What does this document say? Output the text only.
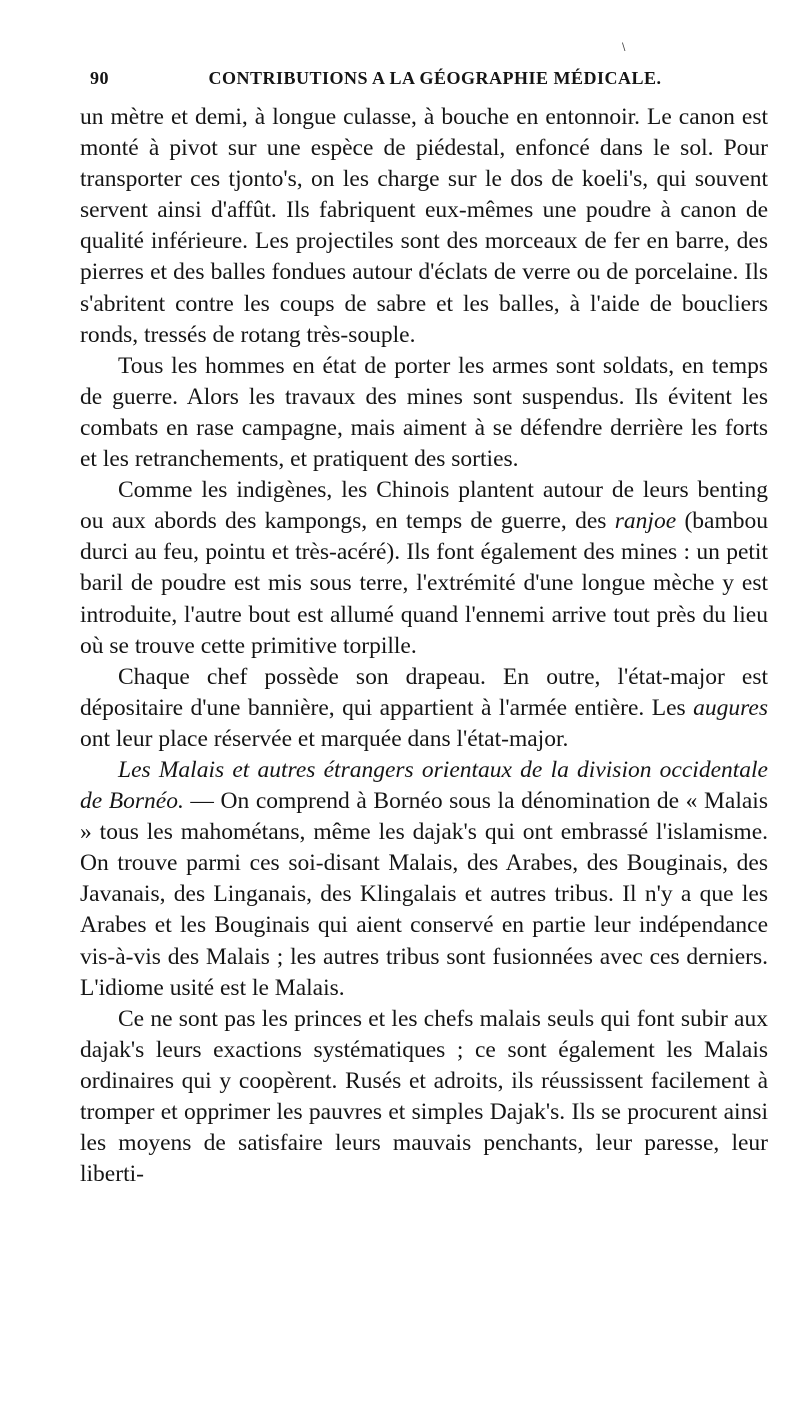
\
90	CONTRIBUTIONS A LA GÉOGRAPHIE MÉDICALE.

un mètre et demi, à longue culasse, à bouche en entonnoir. Le canon est monté à pivot sur une espèce de piédestal, enfoncé dans le sol. Pour transporter ces tjonto's, on les charge sur le dos de koeli's, qui souvent servent ainsi d'affût. Ils fabriquent eux-mêmes une poudre à canon de qualité inférieure. Les projectiles sont des morceaux de fer en barre, des pierres et des balles fondues autour d'éclats de verre ou de porcelaine. Ils s'abritent contre les coups de sabre et les balles, à l'aide de boucliers ronds, tressés de rotang très-souple.

Tous les hommes en état de porter les armes sont soldats, en temps de guerre. Alors les travaux des mines sont suspendus. Ils évitent les combats en rase campagne, mais aiment à se défendre derrière les forts et les retranchements, et pratiquent des sorties.

Comme les indigènes, les Chinois plantent autour de leurs benting ou aux abords des kampongs, en temps de guerre, des ranjoe (bambou durci au feu, pointu et très-acéré). Ils font également des mines : un petit baril de poudre est mis sous terre, l'extrémité d'une longue mèche y est introduite, l'autre bout est allumé quand l'ennemi arrive tout près du lieu où se trouve cette primitive torpille.

Chaque chef possède son drapeau. En outre, l'état-major est dépositaire d'une bannière, qui appartient à l'armée entière. Les augures ont leur place réservée et marquée dans l'état-major.

Les Malais et autres étrangers orientaux de la division occidentale de Bornéo. — On comprend à Bornéo sous la dénomination de « Malais » tous les mahométans, même les dajak's qui ont embrassé l'islamisme. On trouve parmi ces soi-disant Malais, des Arabes, des Bouginais, des Javanais, des Linganais, des Klingalais et autres tribus. Il n'y a que les Arabes et les Bouginais qui aient conservé en partie leur indépendance vis-à-vis des Malais ; les autres tribus sont fusionnées avec ces derniers. L'idiome usité est le Malais.

Ce ne sont pas les princes et les chefs malais seuls qui font subir aux dajak's leurs exactions systématiques ; ce sont également les Malais ordinaires qui y coopèrent. Rusés et adroits, ils réussissent facilement à tromper et opprimer les pauvres et simples Dajak's. Ils se procurent ainsi les moyens de satisfaire leurs mauvais penchants, leur paresse, leur liberti-
